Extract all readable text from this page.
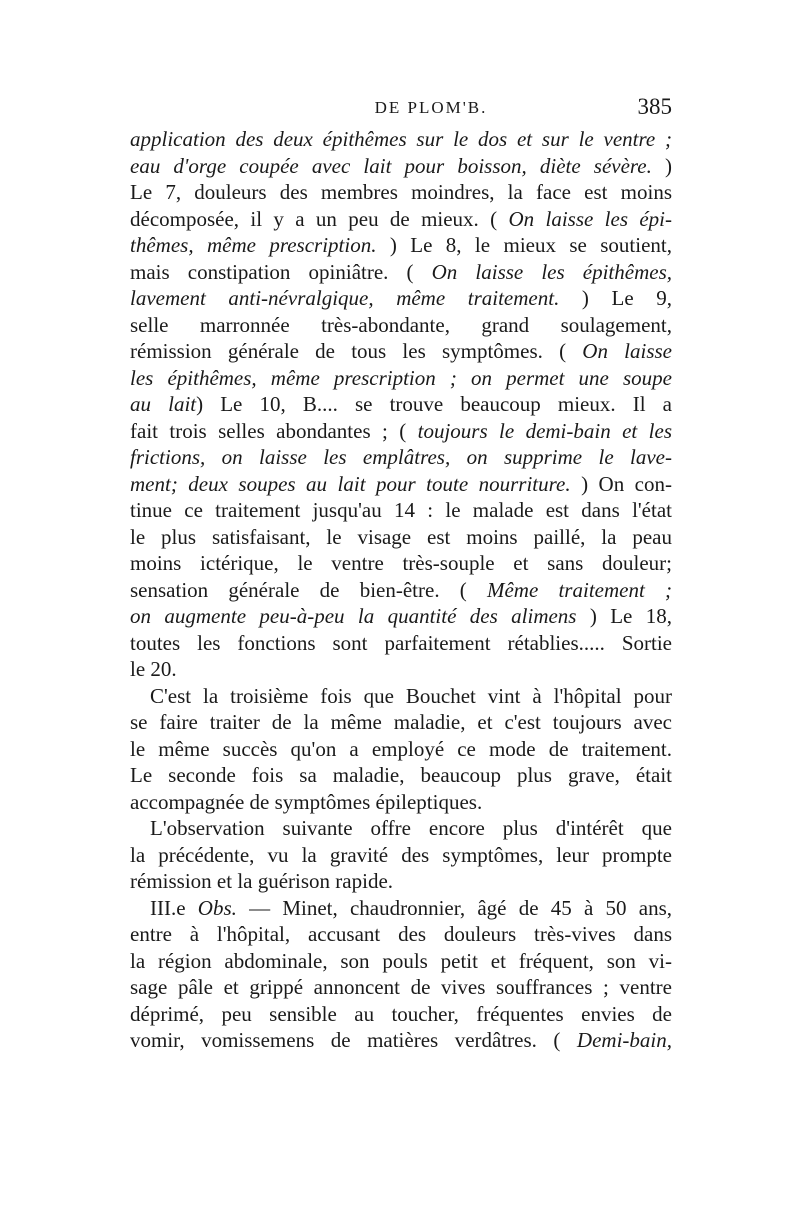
DE PLOM'B.	385
application des deux épithêmes sur le dos et sur le ventre ;
eau d'orge coupée avec lait pour boisson, diète sévère. )
Le 7, douleurs des membres moindres, la face est moins
décomposée, il y a un peu de mieux. ( On laisse les épi-
thêmes, même prescription. ) Le 8, le mieux se soutient,
mais constipation opiniâtre. ( On laisse les épithêmes,
lavement anti-névralgique, même traitement. ) Le 9,
selle marronnée très-abondante, grand soulagement,
rémission générale de tous les symptômes. ( On laisse
les épithêmes, même prescription ; on permet une soupe
au lait) Le 10, B.... se trouve beaucoup mieux. Il a
fait trois selles abondantes ; ( toujours le demi-bain et les
frictions, on laisse les emplâtres, on supprime le lave-
ment; deux soupes au lait pour toute nourriture. ) On con-
tinue ce traitement jusqu'au 14 : le malade est dans l'état
le plus satisfaisant, le visage est moins paillé, la peau
moins ictérique, le ventre très-souple et sans douleur;
sensation générale de bien-être. ( Même traitement ;
on augmente peu-à-peu la quantité des alimens ) Le 18,
toutes les fonctions sont parfaitement rétablies..... Sortie
le 20.
C'est la troisième fois que Bouchet vint à l'hôpital pour
se faire traiter de la même maladie, et c'est toujours avec
le même succès qu'on a employé ce mode de traitement.
Le seconde fois sa maladie, beaucoup plus grave, était
accompagnée de symptômes épileptiques.
L'observation suivante offre encore plus d'intérêt que
la précédente, vu la gravité des symptômes, leur prompte
rémission et la guérison rapide.
III.e Obs. — Minet, chaudronnier, âgé de 45 à 50 ans,
entre à l'hôpital, accusant des douleurs très-vives dans
la région abdominale, son pouls petit et fréquent, son vi-
sage pâle et grippé annoncent de vives souffrances ; ventre
déprimé, peu sensible au toucher, fréquentes envies de
vomir, vomissemens de matières verdâtres. ( Demi-bain,
